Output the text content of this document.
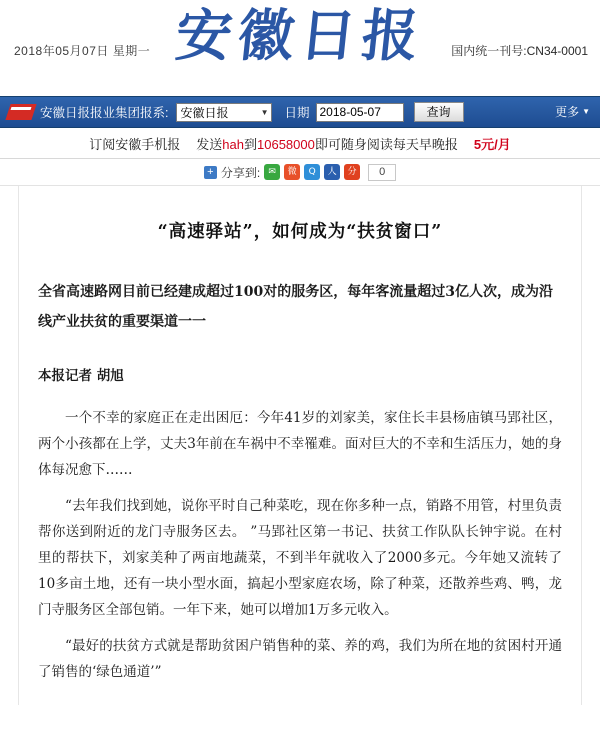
2018年05月07日 星期一 安徽日报	国内统一刊号:CN34-0001
安徽日报报业集团报系: 安徽日报	▼ 日期 2018-05-07	查询	更多 ▼
订阅安徽手机报 发送hah到10658000即可随身阅读每天早晚报 5元/月
+ 分享到: ✉	微	Q	人	分	0
“高速驿站”，如何成为“扶贫窗口”
全省高速路网目前已经建成超过100对的服务区，每年客流量超过3亿人次，成为沿线产业扶贫的重要渠道一一
本报记者 胡旭

一个不幸的家庭正在走出困厄：今年41岁的刘家美，家住长丰县杨庙镇马郢社区，两个小孩都在上学，丈夫3年前在车祸中不幸罹难。面对巨大的不幸和生活压力，她的身体每况愈下……

“去年我们找到她，说你平时自己种菜吃，现在你多种一点，销路不用管，村里负责帮你送到附近的龙门寺服务区去。 ”马郢社区第一书记、扶贫工作队队长钟宇说。在村里的帮扶下，刘家美种了两亩地蔬菜，不到半年就收入了2000多元。今年她又流转了10多亩土地，还有一块小型水面，搞起小型家庭农场，除了种菜，还散养些鸡、鸭，龙门寺服务区全部包销。一年下来，她可以增加1万多元收入。

“最好的扶贫方式就是帮助贫困户销售种的菜、养的鸡，我们为所在地的贫困村开通了销售的‘绿色通道’”
